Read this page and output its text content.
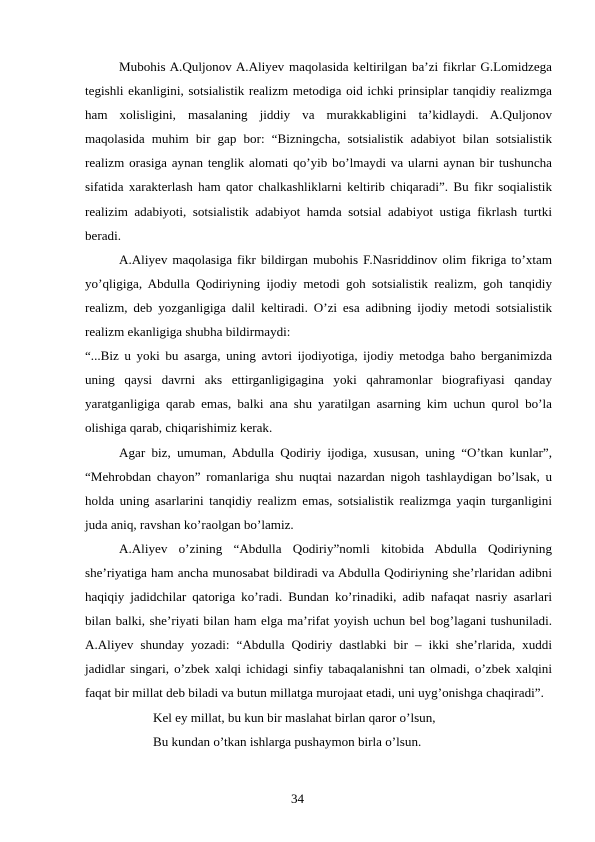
Mubohis A.Quljonov A.Aliyev maqolasida keltirilgan ba’zi fikrlar G.Lomidzega tegishli ekanligini, sotsialistik realizm metodiga oid ichki prinsiplar tanqidiy realizmga ham xolisligini, masalaning jiddiy va murakkabligini ta’kidlaydi. A.Quljonov maqolasida muhim bir gap bor: “Bizningcha, sotsialistik adabiyot bilan sotsialistik realizm orasiga aynan tenglik alomati qo’yib bo’lmaydi va ularni aynan bir tushuncha sifatida xarakterlash ham qator chalkashliklarni keltirib chiqaradi”. Bu fikr soqialistik realizim adabiyoti, sotsialistik adabiyot hamda sotsial adabiyot ustiga fikrlash turtki beradi.

A.Aliyev maqolasiga fikr bildirgan mubohis F.Nasriddinov olim fikriga to’xtam yo’qligiga, Abdulla Qodiriyning ijodiy metodi goh sotsialistik realizm, goh tanqidiy realizm, deb yozganligiga dalil keltiradi. O’zi esa adibning ijodiy metodi sotsialistik realizm ekanligiga shubha bildirmaydi:

“...Biz u yoki bu asarga, uning avtori ijodiyotiga, ijodiy metodga baho berganimizda uning qaysi davrni aks ettirganligigagina yoki qahramonlar biografiyasi qanday yaratganligiga qarab emas, balki ana shu yaratilgan asarning kim uchun qurol bo’la olishiga qarab, chiqarishimiz kerak.

Agar biz, umuman, Abdulla Qodiriy ijodiga, xususan, uning “O’tkan kunlar”, “Mehrobdan chayon” romanlariga shu nuqtai nazardan nigoh tashlaydigan bo’lsak, u holda uning asarlarini tanqidiy realizm emas, sotsialistik realizmga yaqin turganligini juda aniq, ravshan ko’raolgan bo’lamiz.

A.Aliyev o’zining “Abdulla Qodiriy”nomli kitobida Abdulla Qodiriyning she’riyatiga ham ancha munosabat bildiradi va Abdulla Qodiriyning she’rlaridan adibni haqiqiy jadidchilar qatoriga ko’radi. Bundan ko’rinadiki, adib nafaqat nasriy asarlari bilan balki, she’riyati bilan ham elga ma’rifat yoyish uchun bel bog’lagani tushuniladi. A.Aliyev shunday yozadi: “Abdulla Qodiriy dastlabki bir – ikki she’rlarida, xuddi jadidlar singari, o’zbek xalqi ichidagi sinfiy tabaqalanishni tan olmadi, o’zbek xalqini faqat bir millat deb biladi va butun millatga murojaat etadi, uni uyg’onishga chaqiradi”.

Kel ey millat, bu kun bir maslahat birlan qaror o’lsun,

Bu kundan o’tkan ishlarga pushaymon birla o’lsun.

34
